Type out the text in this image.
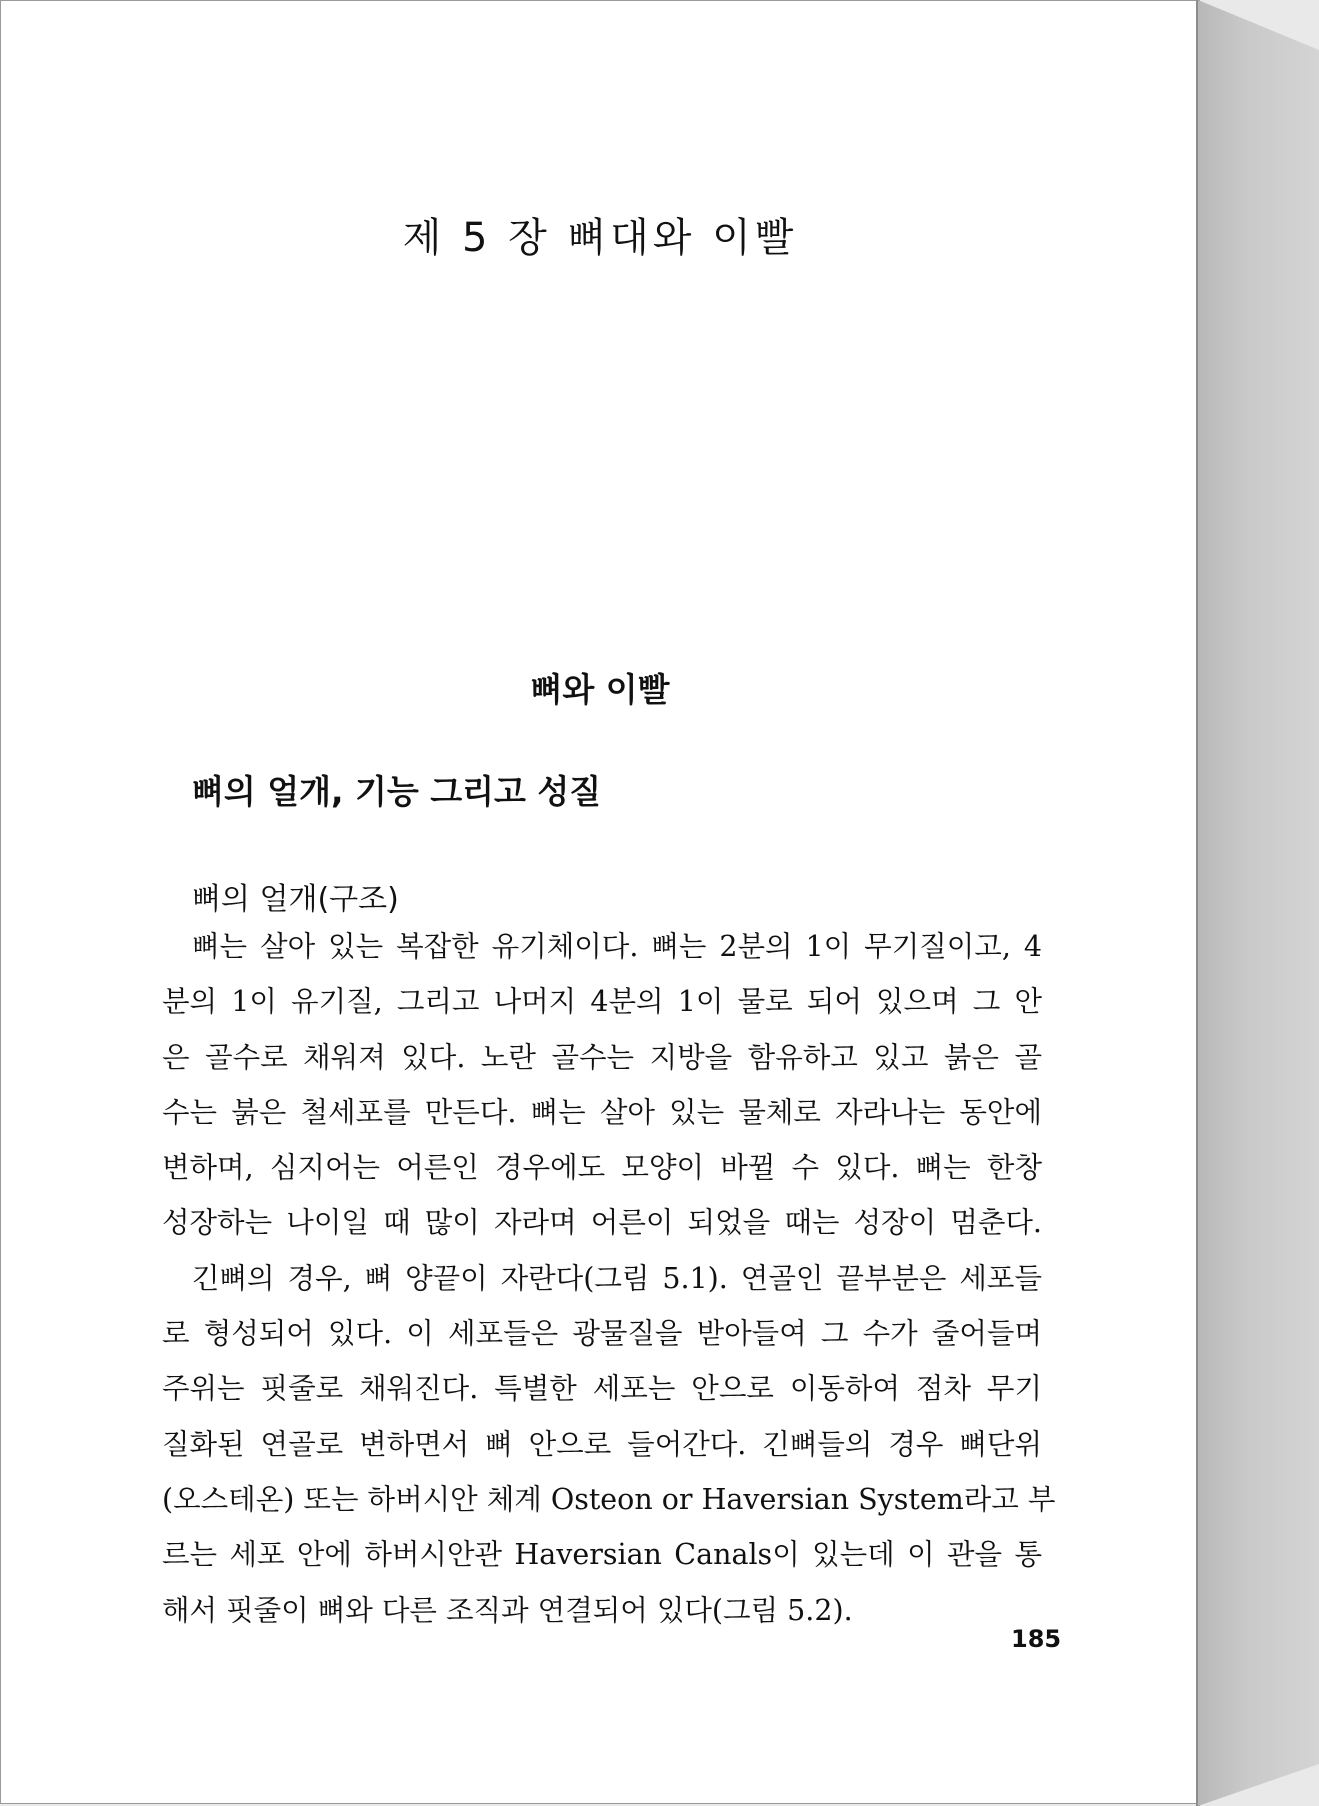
제 5 장 뼈대와 이빨
뼈와 이빨
뼈의 얼개, 기능 그리고 성질
뼈의 얼개(구조)
뼈는 살아 있는 복잡한 유기체이다. 뼈는 2분의 1이 무기질이고, 4
분의 1이 유기질, 그리고 나머지 4분의 1이 물로 되어 있으며 그 안
은 골수로 채워져 있다. 노란 골수는 지방을 함유하고 있고 붉은 골
수는 붉은 철세포를 만든다. 뼈는 살아 있는 물체로 자라나는 동안에
변하며, 심지어는 어른인 경우에도 모양이 바뀔 수 있다. 뼈는 한창
성장하는 나이일 때 많이 자라며 어른이 되었을 때는 성장이 멈춘다.
긴뼈의 경우, 뼈 양끝이 자란다(그림 5.1). 연골인 끝부분은 세포들
로 형성되어 있다. 이 세포들은 광물질을 받아들여 그 수가 줄어들며
주위는 핏줄로 채워진다. 특별한 세포는 안으로 이동하여 점차 무기
질화된 연골로 변하면서 뼈 안으로 들어간다. 긴뼈들의 경우 뼈단위
(오스테온) 또는 하버시안 체계 Osteon or Haversian System라고 부
르는 세포 안에 하버시안관 Haversian Canals이 있는데 이 관을 통
해서 핏줄이 뼈와 다른 조직과 연결되어 있다(그림 5.2).
185
